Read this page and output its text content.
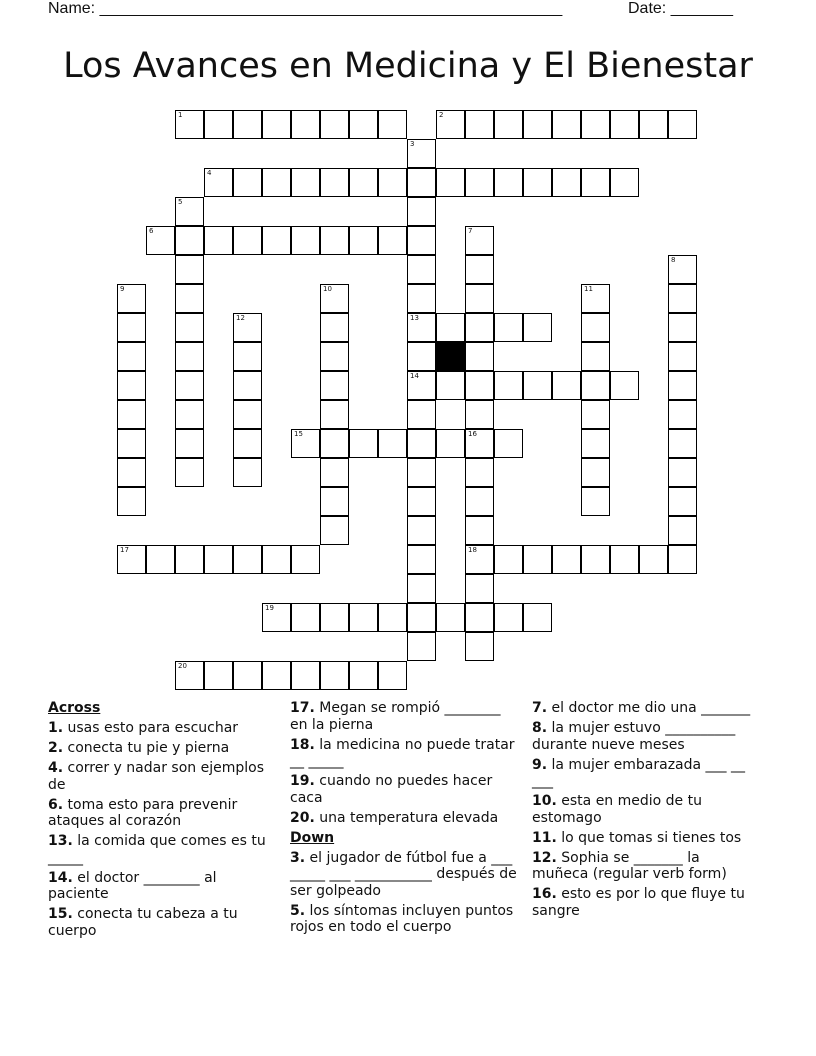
Name: ____________________________________________________	Date: _______
Los Avances en Medicina y El Bienestar
1	2
3
13
14
4
5
6	7
16
18
8
9	10	11
12
15
17
19
20
Across
1. usas esto para escuchar
2. conecta tu pie y pierna
4. correr y nadar son ejemplos de
6. toma esto para prevenir ataques al corazón
13. la comida que comes es tu _____
14. el doctor ________ al paciente
15. conecta tu cabeza a tu cuerpo
17. Megan se rompió ________ en la pierna
18. la medicina no puede tratar __ _____
19. cuando no puedes hacer caca
20. una temperatura elevada
Down
3. el jugador de fútbol fue a ___ _____ ___ ___________ después de ser golpeado
5. los síntomas incluyen puntos rojos en todo el cuerpo
7. el doctor me dio una _______
8. la mujer estuvo __________ durante nueve meses
9. la mujer embarazada ___ __ ___
10. esta en medio de tu estomago
11. lo que tomas si tienes tos
12. Sophia se _______ la muñeca (regular verb form)
16. esto es por lo que fluye tu sangre
